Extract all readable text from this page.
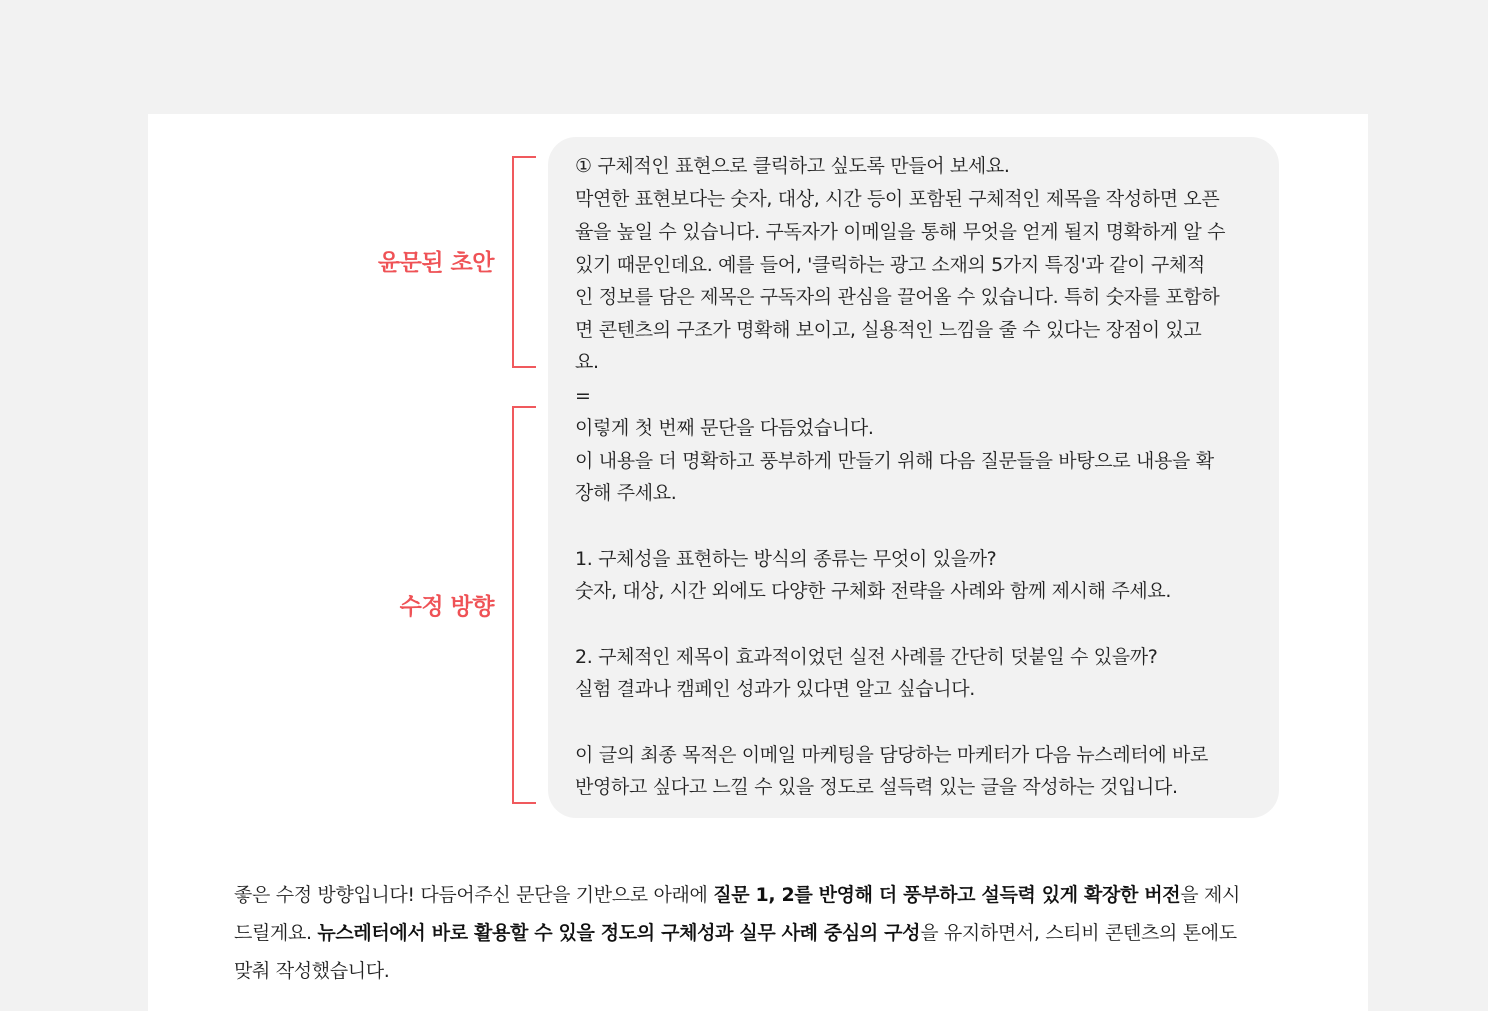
윤문된 초안
수정 방향
① 구체적인 표현으로 클릭하고 싶도록 만들어 보세요.
막연한 표현보다는 숫자, 대상, 시간 등이 포함된 구체적인 제목을 작성하면 오픈
율을 높일 수 있습니다. 구독자가 이메일을 통해 무엇을 얻게 될지 명확하게 알 수
있기 때문인데요. 예를 들어, '클릭하는 광고 소재의 5가지 특징'과 같이 구체적
인 정보를 담은 제목은 구독자의 관심을 끌어올 수 있습니다. 특히 숫자를 포함하
면 콘텐츠의 구조가 명확해 보이고, 실용적인 느낌을 줄 수 있다는 장점이 있고
요.
=
이렇게 첫 번째 문단을 다듬었습니다.
이 내용을 더 명확하고 풍부하게 만들기 위해 다음 질문들을 바탕으로 내용을 확
장해 주세요.
1. 구체성을 표현하는 방식의 종류는 무엇이 있을까?
숫자, 대상, 시간 외에도 다양한 구체화 전략을 사례와 함께 제시해 주세요.
2. 구체적인 제목이 효과적이었던 실전 사례를 간단히 덧붙일 수 있을까?
실험 결과나 캠페인 성과가 있다면 알고 싶습니다.
이 글의 최종 목적은 이메일 마케팅을 담당하는 마케터가 다음 뉴스레터에 바로
반영하고 싶다고 느낄 수 있을 정도로 설득력 있는 글을 작성하는 것입니다.
좋은 수정 방향입니다! 다듬어주신 문단을 기반으로 아래에 질문 1, 2를 반영해 더 풍부하고 설득력 있게 확장한 버전을 제시
드릴게요. 뉴스레터에서 바로 활용할 수 있을 정도의 구체성과 실무 사례 중심의 구성을 유지하면서, 스티비 콘텐츠의 톤에도
맞춰 작성했습니다.
